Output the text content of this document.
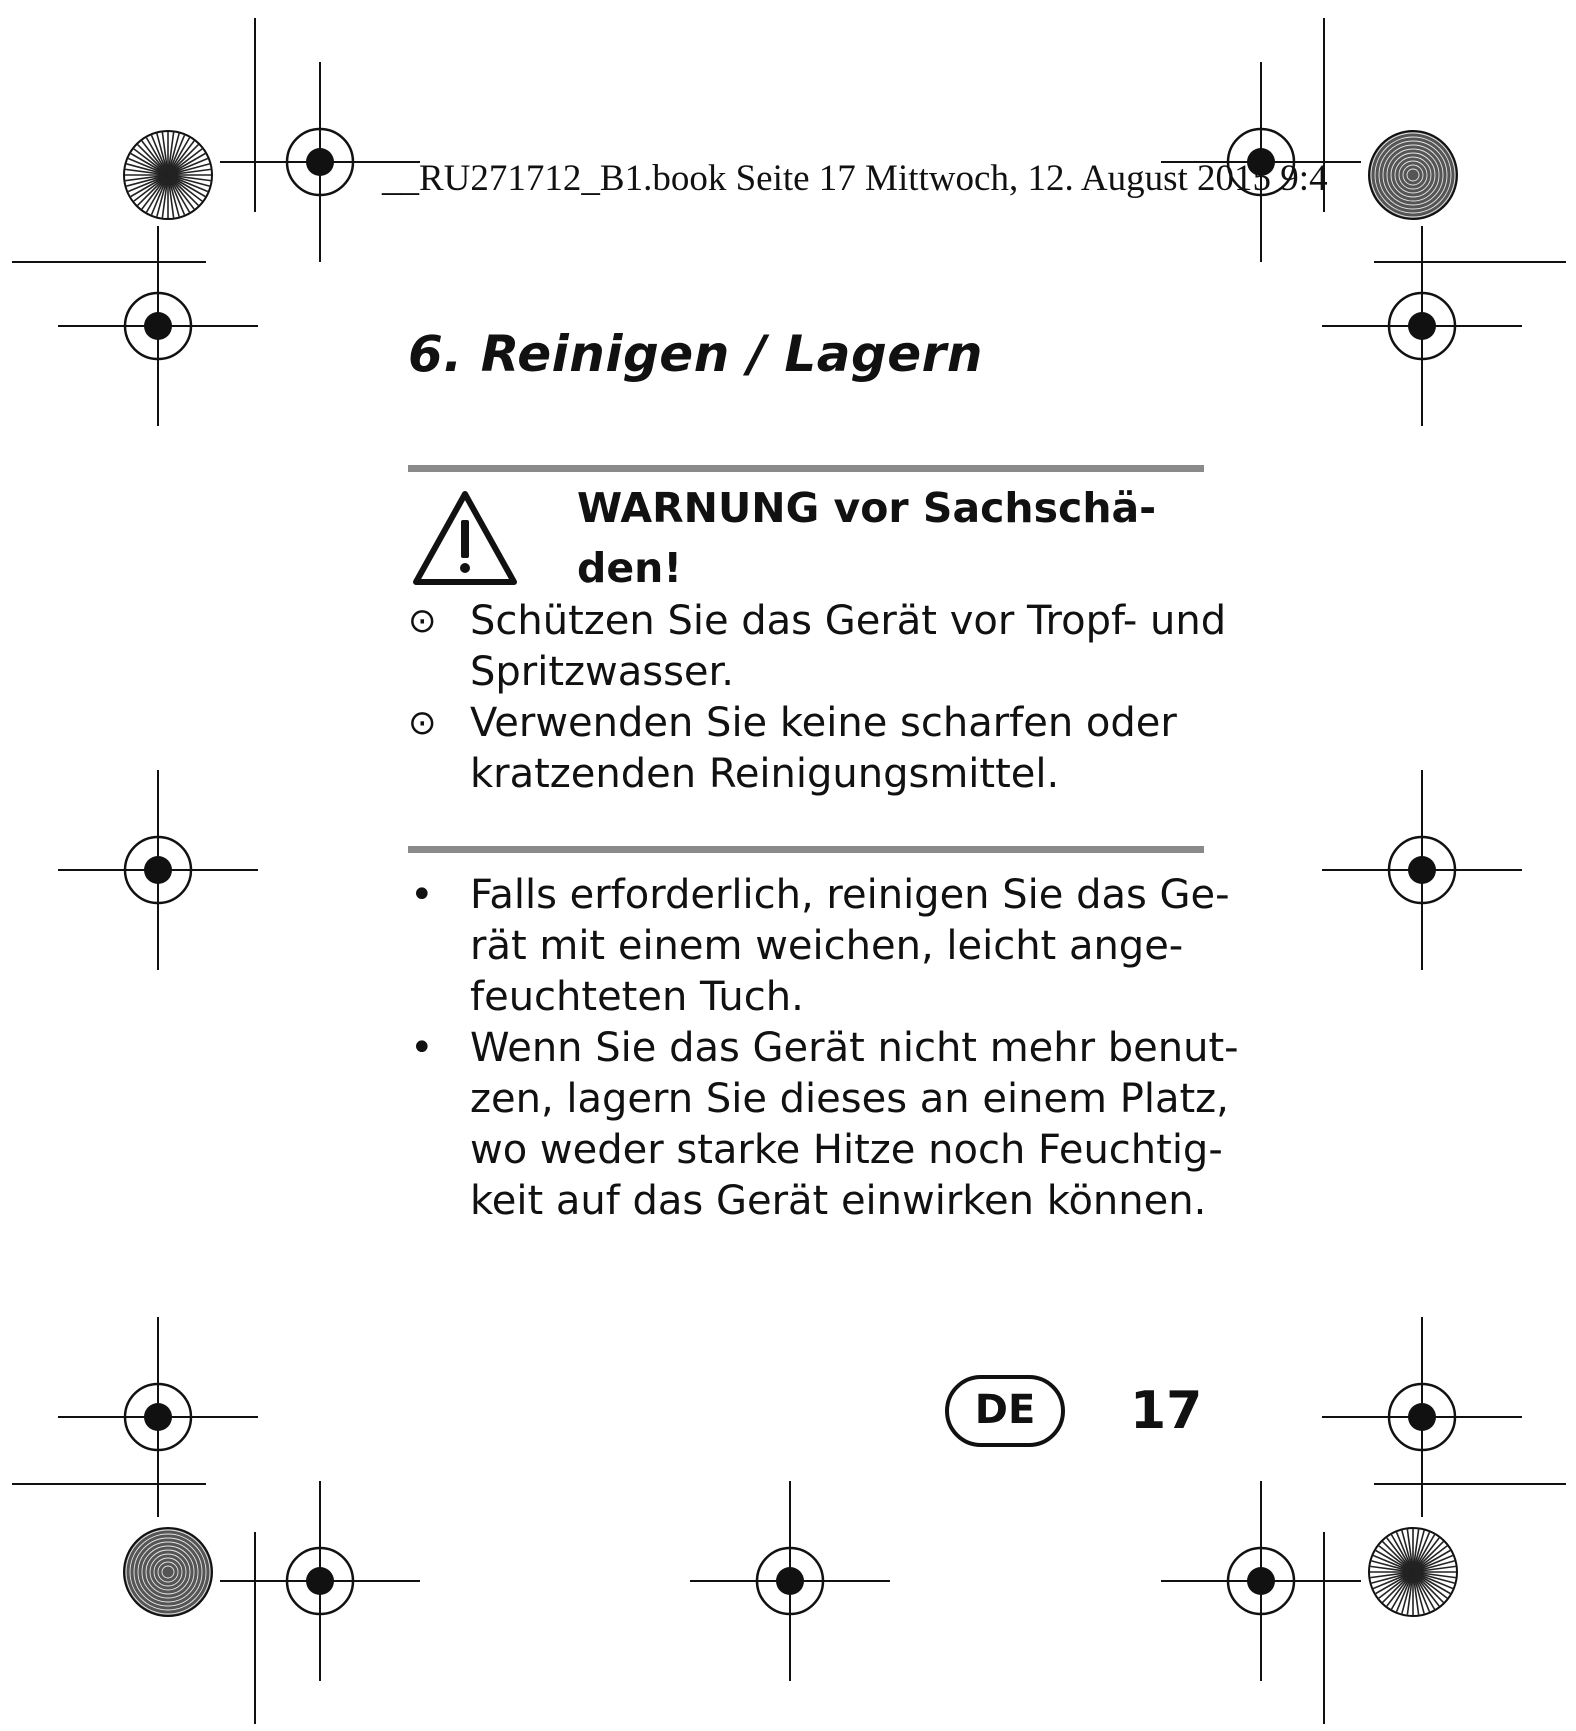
__RU271712_B1.book Seite 17 Mittwoch, 12. August 2015 9:4
6. Reinigen / Lagern
WARNUNG vor Sachschä-
den!
⊙ Schützen Sie das Gerät vor Tropf- und
Spritzwasser.
⊙ Verwenden Sie keine scharfen oder
kratzenden Reinigungsmittel.
• Falls erforderlich, reinigen Sie das Ge-
rät mit einem weichen, leicht ange-
feuchteten Tuch.
• Wenn Sie das Gerät nicht mehr benut-
zen, lagern Sie dieses an einem Platz,
wo weder starke Hitze noch Feuchtig-
keit auf das Gerät einwirken können.
DE	17
